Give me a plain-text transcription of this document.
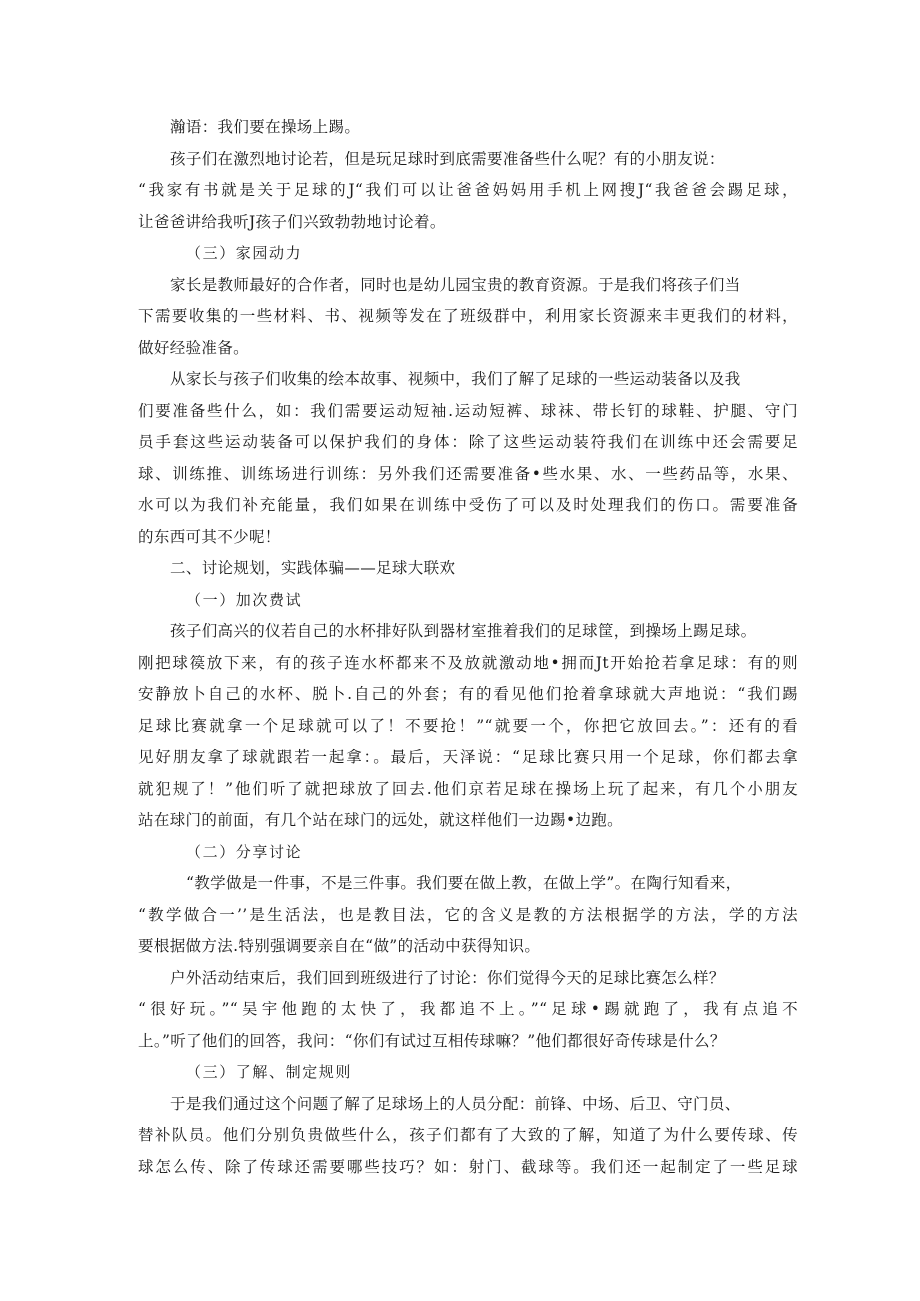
瀚语：我们要在操场上踢。
孩子们在激烈地讨论若，但是玩足球时到底需要准备些什么呢？有的小朋友说：
“我家有书就是关于足球的J“我们可以让爸爸妈妈用手机上网搜J“我爸爸会踢足球，
让爸爸讲给我听J孩子们兴致勃勃地讨论着。
（三）家园动力
家长是教师最好的合作者，同时也是幼儿园宝贵的教育资源。于是我们将孩子们当
下需要收集的一些材料、书、视频等发在了班级群中，利用家长资源来丰更我们的材料，
做好经验准备。
从家长与孩子们收集的绘本故事、视频中，我们了解了足球的一些运动装备以及我
们要准备些什么，如：我们需要运动短袖.运动短裤、球袜、带长钉的球鞋、护腿、守门
员手套这些运动装备可以保护我们的身体：除了这些运动装符我们在训练中还会需要足
球、训练推、训练场进行训练：另外我们还需要准备•些水果、水、一些药品等，水果、
水可以为我们补充能量，我们如果在训练中受伤了可以及时处理我们的伤口。需要准备
的东西可其不少呢！
二、讨论规划，实践体骗——足球大联欢
（一）加次费试
孩子们高兴的仪若自己的水杯排好队到器材室推着我们的足球筐，到操场上踢足球。
刚把球篌放下来，有的孩子连水杯都来不及放就激动地•拥而Jt开始抢若拿足球：有的则
安静放卜自己的水杯、脱卜.自己的外套；有的看见他们抢着拿球就大声地说：“我们踢
足球比赛就拿一个足球就可以了！不要抢！”“就要一个，你把它放回去。”：还有的看
见好朋友拿了球就跟若一起拿：。最后，天泽说：“足球比赛只用一个足球，你们都去拿
就犯规了！”他们听了就把球放了回去.他们京若足球在操场上玩了起来，有几个小朋友
站在球门的前面，有几个站在球门的远处，就这样他们一边踢•边跑。
（二）分享讨论
“教学做是一件事，不是三件事。我们要在做上教，在做上学”。在陶行知看来，
“教学做合一’’是生活法，也是教目法，它的含义是教的方法根据学的方法，学的方法
要根据做方法.特别强调要亲自在“做”的活动中获得知识。
户外活动结束后，我们回到班级进行了讨论：你们觉得今天的足球比赛怎么样？
“很好玩。”“吴宇他跑的太快了，我都追不上。”“足球•踢就跑了，我有点追不
上。”听了他们的回答，我问：“你们有试过互相传球嘛？”他们都很好奇传球是什么？
（三）了解、制定规则
于是我们通过这个问题了解了足球场上的人员分配：前锋、中场、后卫、守门员、
替补队员。他们分别负贵做些什么，孩子们都有了大致的了解，知道了为什么要传球、传
球怎么传、除了传球还需要哪些技巧？如：射门、截球等。我们还一起制定了一些足球
